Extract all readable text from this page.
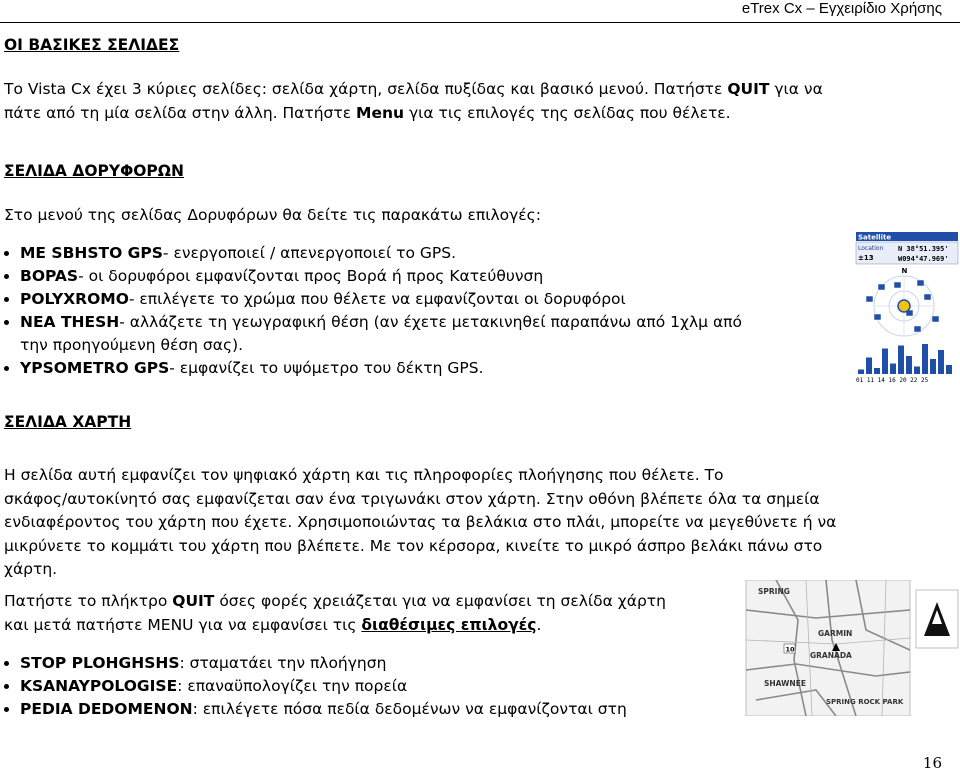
eTrex Cx – Εγχειρίδιο Χρήσης
ΟΙ ΒΑΣΙΚΕΣ ΣΕΛΙΔΕΣ
Το Vista Cx έχει 3 κύριες σελίδες: σελίδα χάρτη, σελίδα πυξίδας και βασικό μενού. Πατήστε QUIT για να
πάτε από τη μία σελίδα στην άλλη. Πατήστε Menu για τις επιλογές της σελίδας που θέλετε.
ΣΕΛΙΔΑ ΔΟΡΥΦΟΡΩΝ
Στο μενού της σελίδας Δορυφόρων θα δείτε τις παρακάτω επιλογές:
ME SBHSTO GPS- ενεργοποιεί / απενεργοποιεί το GPS.
BOPAS- οι δορυφόροι εμφανίζονται προς Βορά ή προς Κατεύθυνση
POLYXROMO- επιλέγετε το χρώμα που θέλετε να εμφανίζονται οι δορυφόροι
NEA THESH- αλλάζετε τη γεωγραφική θέση (αν έχετε μετακινηθεί παραπάνω από 1χλμ από
την προηγούμενη θέση σας).
YPSOMETRO GPS- εμφανίζει το υψόμετρο του δέκτη GPS.
Satellite
Location
±13
N 38°51.395'
W094°47.969'
N
01 11 14 16 20 22 25
ΣΕΛΙΔΑ ΧΑΡΤΗ
Η σελίδα αυτή εμφανίζει τον ψηφιακό χάρτη και τις πληροφορίες πλοήγησης που θέλετε. Το
σκάφος/αυτοκίνητό σας εμφανίζεται σαν ένα τριγωνάκι στον χάρτη. Στην οθόνη βλέπετε όλα τα σημεία
ενδιαφέροντος του χάρτη που έχετε. Χρησιμοποιώντας τα βελάκια στο πλάι, μπορείτε να μεγεθύνετε ή να
μικρύνετε το κομμάτι του χάρτη που βλέπετε. Με τον κέρσορα, κινείτε το μικρό άσπρο βελάκι πάνω στο
χάρτη.
Πατήστε το πλήκτρο QUIT όσες φορές χρειάζεται για να εμφανίσει τη σελίδα χάρτη
και μετά πατήστε MENU για να εμφανίσει τις διαθέσιμες επιλογές.
STOP PLOHGHSHS: σταματάει την πλοήγηση
KSANAYPOLOGISE: επαναϋπολογίζει την πορεία
PEDIA DEDOMENON: επιλέγετε πόσα πεδία δεδομένων να εμφανίζονται στη
SPRING
GARMIN
GRANADA
SHAWNEE
SPRING ROCK PARK
10
16
